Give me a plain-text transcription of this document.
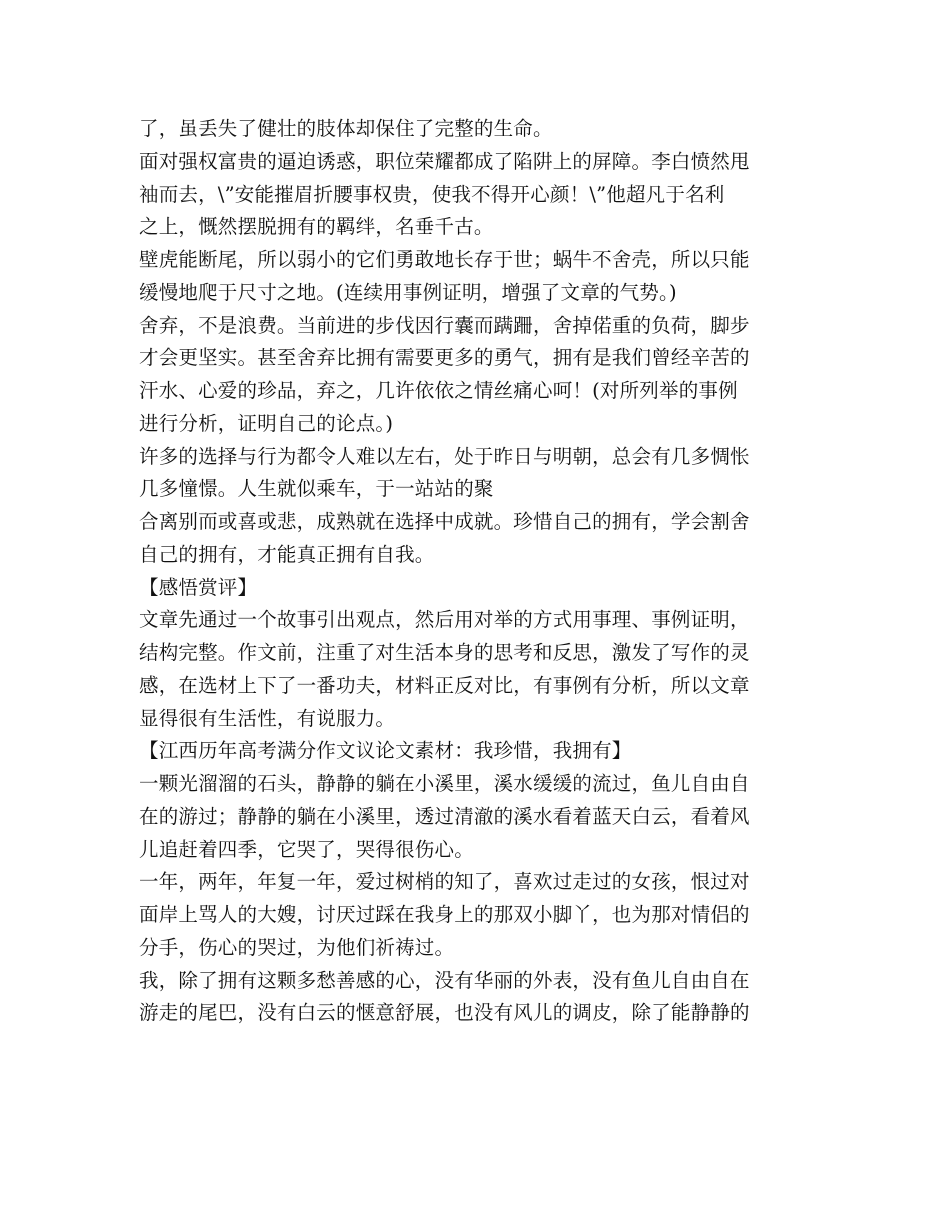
了，虽丢失了健壮的肢体却保住了完整的生命。
面对强权富贵的逼迫诱惑，职位荣耀都成了陷阱上的屏障。李白愤然甩
袖而去，\”安能摧眉折腰事权贵，使我不得开心颜！\”他超凡于名利
之上，慨然摆脱拥有的羁绊，名垂千古。
壁虎能断尾，所以弱小的它们勇敢地长存于世；蜗牛不舍壳，所以只能
缓慢地爬于尺寸之地。(连续用事例证明，增强了文章的气势。)
舍弃，不是浪费。当前进的步伐因行囊而蹒跚，舍掉偌重的负荷，脚步
才会更坚实。甚至舍弃比拥有需要更多的勇气，拥有是我们曾经辛苦的
汗水、心爱的珍品，弃之，几许依依之情丝痛心呵！(对所列举的事例
进行分析，证明自己的论点。)
许多的选择与行为都令人难以左右，处于昨日与明朝，总会有几多惆怅
几多憧憬。人生就似乘车，于一站站的聚
合离别而或喜或悲，成熟就在选择中成就。珍惜自己的拥有，学会割舍
自己的拥有，才能真正拥有自我。
【感悟赏评】
文章先通过一个故事引出观点，然后用对举的方式用事理、事例证明，
结构完整。作文前，注重了对生活本身的思考和反思，激发了写作的灵
感，在选材上下了一番功夫，材料正反对比，有事例有分析，所以文章
显得很有生活性，有说服力。
【江西历年高考满分作文议论文素材：我珍惜，我拥有】
一颗光溜溜的石头，静静的躺在小溪里，溪水缓缓的流过，鱼儿自由自
在的游过；静静的躺在小溪里，透过清澈的溪水看着蓝天白云，看着风
儿追赶着四季，它哭了，哭得很伤心。
一年，两年，年复一年，爱过树梢的知了，喜欢过走过的女孩，恨过对
面岸上骂人的大嫂，讨厌过踩在我身上的那双小脚丫，也为那对情侣的
分手，伤心的哭过，为他们祈祷过。
我，除了拥有这颗多愁善感的心，没有华丽的外表，没有鱼儿自由自在
游走的尾巴，没有白云的惬意舒展，也没有风儿的调皮，除了能静静的
